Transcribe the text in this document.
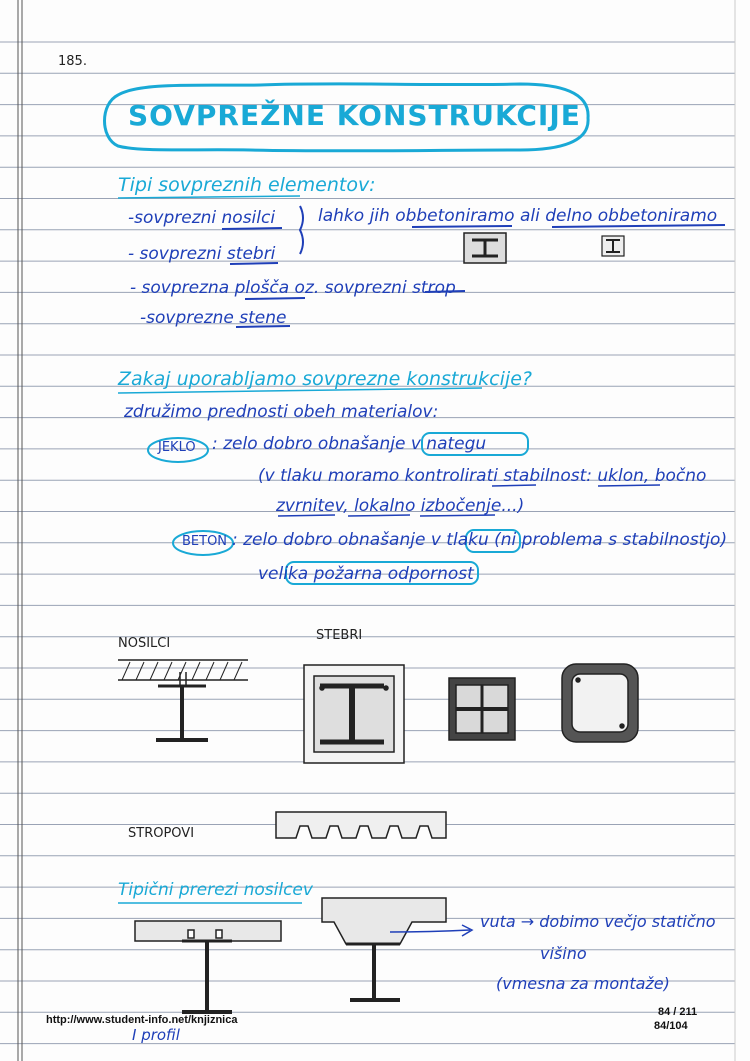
185.
SOVPREŽNE KONSTRUKCIJE
Tipi sovpreznih elementov:
-sovprezni nosilci
- sovprezni stebri
- sovprezna plošča oz. sovprezni strop
-sovprezne stene
lahko jih obbetoniramo ali delno obbetoniramo
Zakaj uporabljamo sovprezne konstrukcije?
združimo prednosti obeh materialov:
JEKLO : zelo dobro obnašanje v nategu
(v tlaku moramo kontrolirati stabilnost: uklon, bočno
zvrnitev, lokalno izbočenje...)
BETON : zelo dobro obnašanje v tlaku (ni problema s stabilnostjo)
velika požarna odpornost
NOSILCI
STEBRI
STROPOVI
Tipični prerezi nosilcev
vuta → dobimo večjo statično
višino
(vmesna za montaže)
I profil
http://www.student-info.net/knjiznica
84 / 211
84/104
